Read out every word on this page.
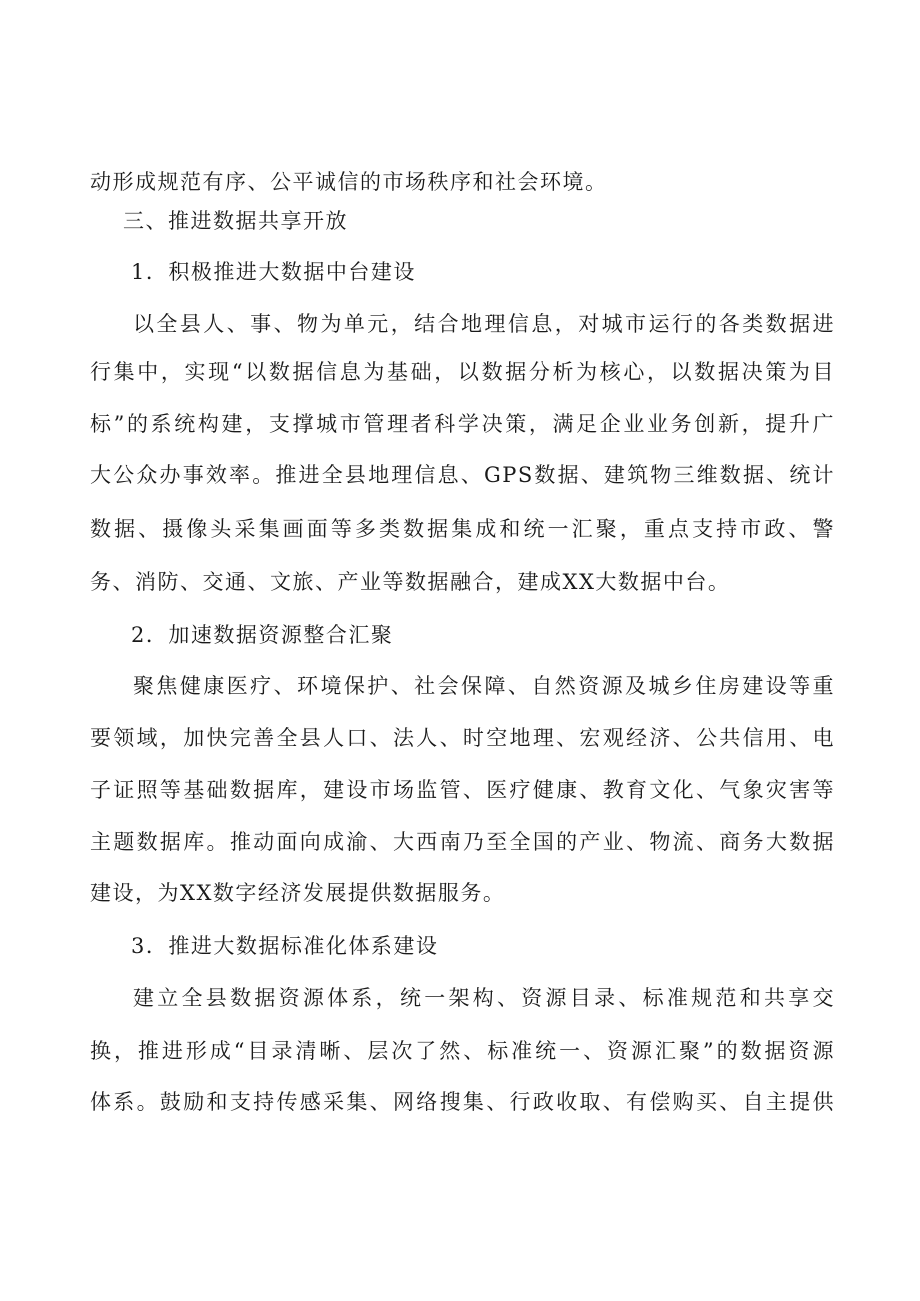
动形成规范有序、公平诚信的市场秩序和社会环境。
三、推进数据共享开放
1．积极推进大数据中台建设
以全县人、事、物为单元，结合地理信息，对城市运行的各类数据进
行集中，实现“以数据信息为基础，以数据分析为核心，以数据决策为目
标”的系统构建，支撑城市管理者科学决策，满足企业业务创新，提升广
大公众办事效率。推进全县地理信息、GPS数据、建筑物三维数据、统计
数据、摄像头采集画面等多类数据集成和统一汇聚，重点支持市政、警
务、消防、交通、文旅、产业等数据融合，建成XX大数据中台。
2．加速数据资源整合汇聚
聚焦健康医疗、环境保护、社会保障、自然资源及城乡住房建设等重
要领域，加快完善全县人口、法人、时空地理、宏观经济、公共信用、电
子证照等基础数据库，建设市场监管、医疗健康、教育文化、气象灾害等
主题数据库。推动面向成渝、大西南乃至全国的产业、物流、商务大数据
建设，为XX数字经济发展提供数据服务。
3．推进大数据标准化体系建设
建立全县数据资源体系，统一架构、资源目录、标准规范和共享交
换，推进形成“目录清晰、层次了然、标准统一、资源汇聚”的数据资源
体系。鼓励和支持传感采集、网络搜集、行政收取、有偿购买、自主提供
